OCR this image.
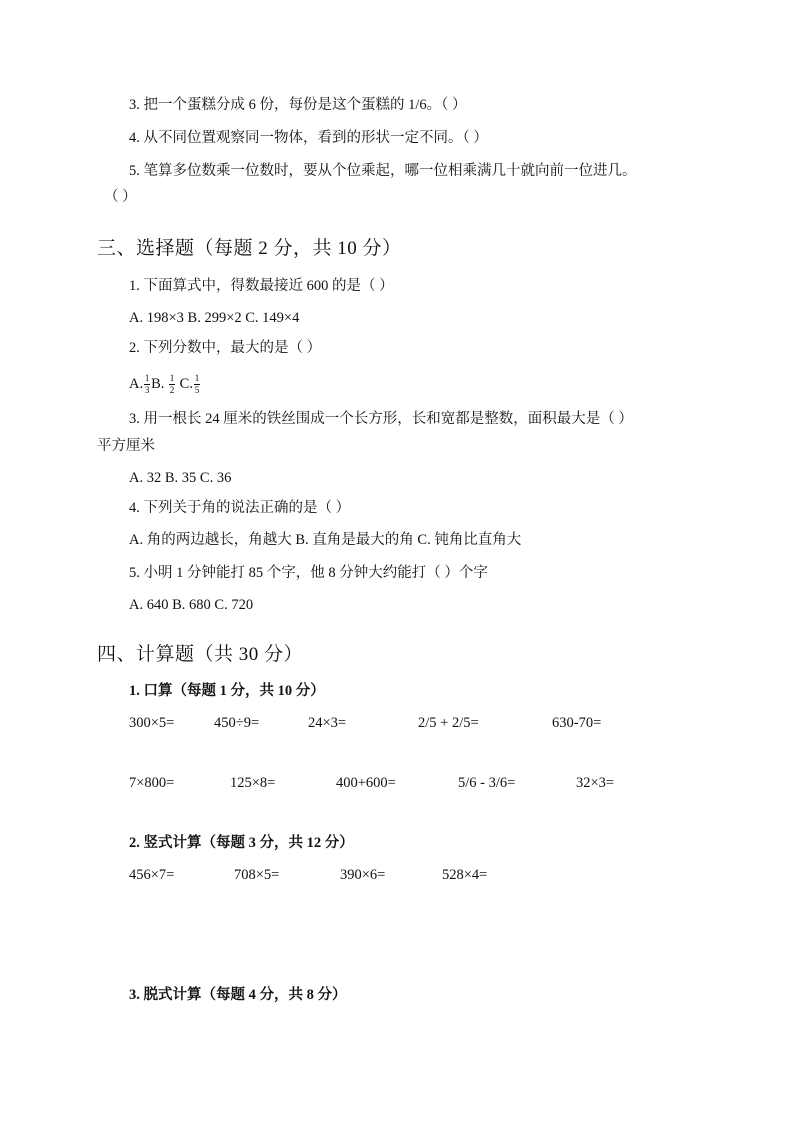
3. 把一个蛋糕分成 6 份，每份是这个蛋糕的 1/6。（ ）
4. 从不同位置观察同一物体，看到的形状一定不同。（ ）
5. 笔算多位数乘一位数时，要从个位乘起，哪一位相乘满几十就向前一位进几。
（ ）
三、选择题（每题 2 分，共 10 分）
1. 下面算式中，得数最接近 600 的是（ ）
A. 198×3 B. 299×2 C. 149×4
2. 下列分数中，最大的是（ ）
A. $\frac{1}{3} B$. $\frac{1}{2} C$. $\frac{1}{5}$
3. 用一根长 24 厘米的铁丝围成一个长方形，长和宽都是整数，面积最大是（ ）
平方厘米
A. 32 B. 35 C. 36
4. 下列关于角的说法正确的是（ ）
A. 角的两边越长，角越大 B. 直角是最大的角 C. 钝角比直角大
5. 小明 1 分钟能打 85 个字，他 8 分钟大约能打（ ）个字
A. 640 B. 680 C. 720
四、计算题（共 30 分）
1. 口算（每题 1 分，共 10 分）
300×5=	450÷9=	24×3=	2/5 + 2/5=	630-70=
7×800=	125×8=	400+600=	5/6 - 3/6=	32×3=
2. 竖式计算（每题 3 分，共 12 分）
456×7=	708×5=	390×6=	528×4=
3. 脱式计算（每题 4 分，共 8 分）
